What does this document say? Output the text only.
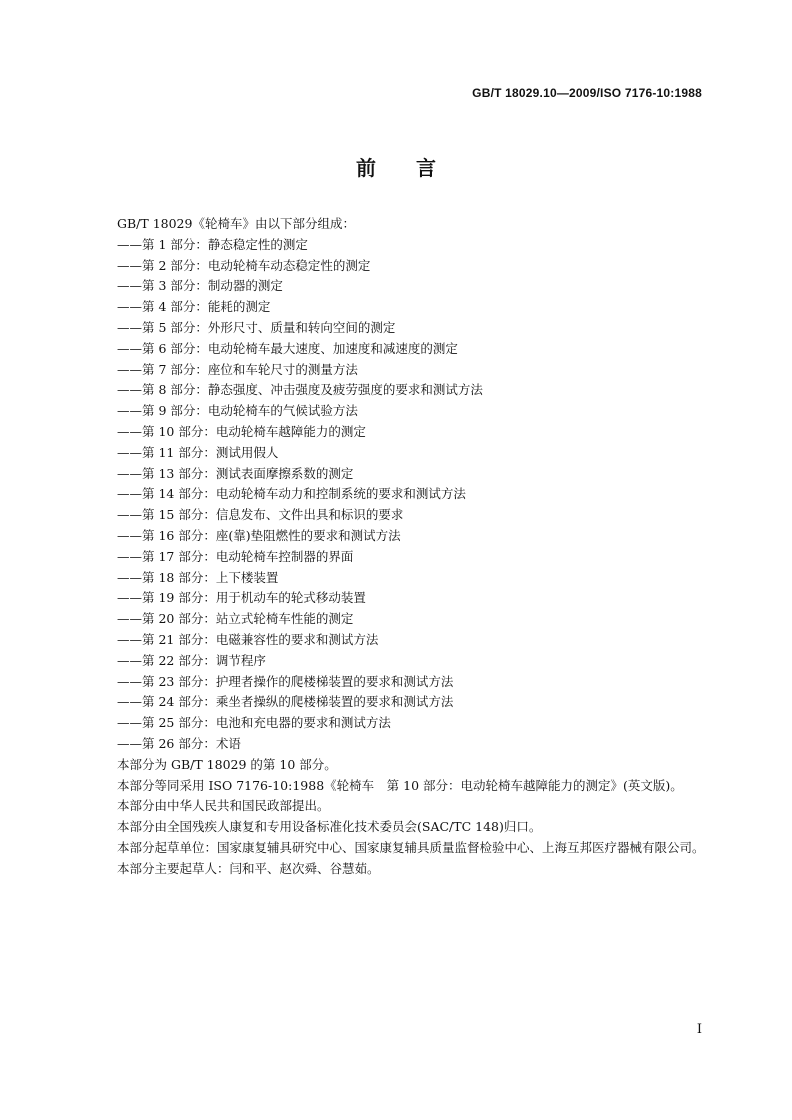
GB/T 18029.10—2009/ISO 7176-10:1988
前言
GB/T 18029《轮椅车》由以下部分组成：
——第 1 部分：静态稳定性的测定
——第 2 部分：电动轮椅车动态稳定性的测定
——第 3 部分：制动器的测定
——第 4 部分：能耗的测定
——第 5 部分：外形尺寸、质量和转向空间的测定
——第 6 部分：电动轮椅车最大速度、加速度和减速度的测定
——第 7 部分：座位和车轮尺寸的测量方法
——第 8 部分：静态强度、冲击强度及疲劳强度的要求和测试方法
——第 9 部分：电动轮椅车的气候试验方法
——第 10 部分：电动轮椅车越障能力的测定
——第 11 部分：测试用假人
——第 13 部分：测试表面摩擦系数的测定
——第 14 部分：电动轮椅车动力和控制系统的要求和测试方法
——第 15 部分：信息发布、文件出具和标识的要求
——第 16 部分：座(靠)垫阻燃性的要求和测试方法
——第 17 部分：电动轮椅车控制器的界面
——第 18 部分：上下楼装置
——第 19 部分：用于机动车的轮式移动装置
——第 20 部分：站立式轮椅车性能的测定
——第 21 部分：电磁兼容性的要求和测试方法
——第 22 部分：调节程序
——第 23 部分：护理者操作的爬楼梯装置的要求和测试方法
——第 24 部分：乘坐者操纵的爬楼梯装置的要求和测试方法
——第 25 部分：电池和充电器的要求和测试方法
——第 26 部分：术语
本部分为 GB/T 18029 的第 10 部分。
本部分等同采用 ISO 7176-10:1988《轮椅车　第 10 部分：电动轮椅车越障能力的测定》(英文版)。
本部分由中华人民共和国民政部提出。
本部分由全国残疾人康复和专用设备标准化技术委员会(SAC/TC 148)归口。
本部分起草单位：国家康复辅具研究中心、国家康复辅具质量监督检验中心、上海互邦医疗器械有限公司。
本部分主要起草人：闫和平、赵次舜、谷慧茹。
I
